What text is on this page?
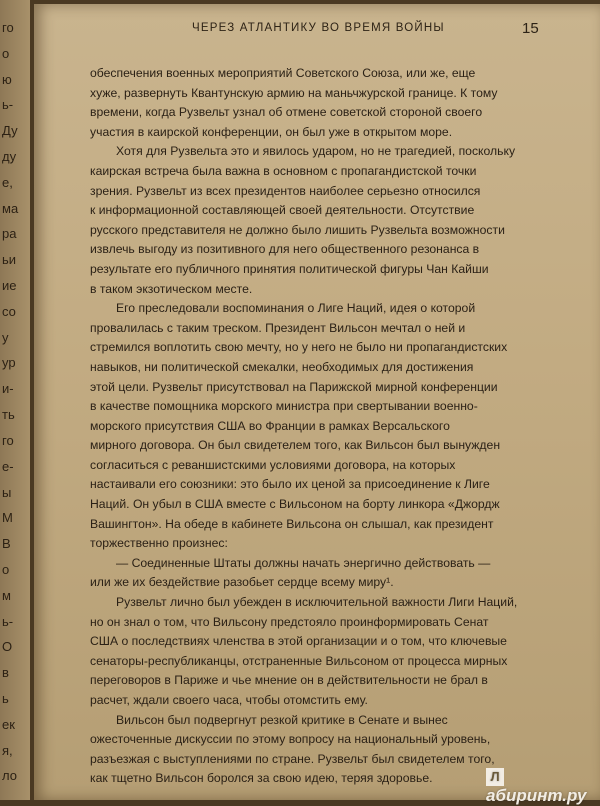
го
о
ю
ь-
Ду
ду
е,
ма
ра
ьи
ие
со
у
ур
и-
ть
го
е-
ы
М
В
о
м
ь-
О
в
ь
ек
я,
ло
ЧЕРЕЗ АТЛАНТИКУ ВО ВРЕМЯ ВОЙНЫ	15
обеспечения военных мероприятий Советского Союза, или же, еще
хуже, развернуть Квантунскую армию на маньчжурской границе. К тому
времени, когда Рузвельт узнал об отмене советской стороной своего
участия в каирской конференции, он был уже в открытом море.
Хотя для Рузвельта это и явилось ударом, но не трагедией, поскольку
каирская встреча была важна в основном с пропагандистской точки
зрения. Рузвельт из всех президентов наиболее серьезно относился
к информационной составляющей своей деятельности. Отсутствие
русского представителя не должно было лишить Рузвельта возможности
извлечь выгоду из позитивного для него общественного резонанса в
результате его публичного принятия политической фигуры Чан Кайши
в таком экзотическом месте.
Его преследовали воспоминания о Лиге Наций, идея о которой
провалилась с таким треском. Президент Вильсон мечтал о ней и
стремился воплотить свою мечту, но у него не было ни пропагандистских
навыков, ни политической смекалки, необходимых для достижения
этой цели. Рузвельт присутствовал на Парижской мирной конференции
в качестве помощника морского министра при свертывании военно-
морского присутствия США во Франции в рамках Версальского
мирного договора. Он был свидетелем того, как Вильсон был вынужден
согласиться с реваншистскими условиями договора, на которых
настаивали его союзники: это было их ценой за присоединение к Лиге
Наций. Он убыл в США вместе с Вильсоном на борту линкора «Джордж
Вашингтон». На обеде в кабинете Вильсона он слышал, как президент
торжественно произнес:
— Соединенные Штаты должны начать энергично действовать —
или же их бездействие разобьет сердце всему миру¹.
Рузвельт лично был убежден в исключительной важности Лиги Наций,
но он знал о том, что Вильсону предстояло проинформировать Сенат
США о последствиях членства в этой организации и о том, что ключевые
сенаторы-республиканцы, отстраненные Вильсоном от процесса мирных
переговоров в Париже и чье мнение он в действительности не брал в
расчет, ждали своего часа, чтобы отомстить ему.
Вильсон был подвергнут резкой критике в Сенате и вынес
ожесточенные дискуссии по этому вопросу на национальный уровень,
разъезжая с выступлениями по стране. Рузвельт был свидетелем того,
как тщетно Вильсон боролся за свою идею, теряя здоровье.	Лабиринт.ру
